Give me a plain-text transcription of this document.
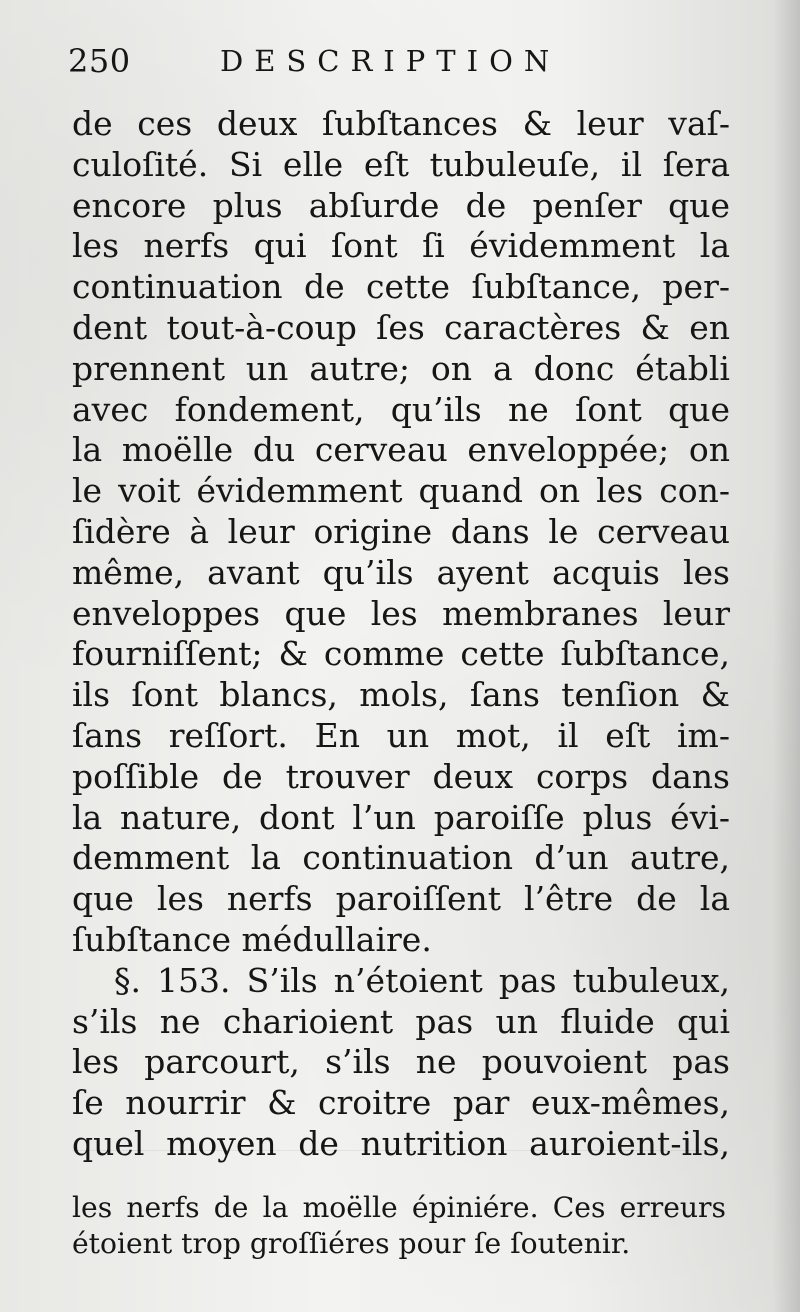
250	DESCRIPTION
de ces deux ſubſtances & leur vaſ-
culoſité. Si elle eſt tubuleuſe, il ſera
encore plus abſurde de penſer que
les nerfs qui ſont ſi évidemment la
continuation de cette ſubſtance, per-
dent tout-à-coup ſes caractères & en
prennent un autre; on a donc établi
avec fondement, qu’ils ne ſont que
la moëlle du cerveau enveloppée; on
le voit évidemment quand on les con-
ſidère à leur origine dans le cerveau
même, avant qu’ils ayent acquis les
enveloppes que les membranes leur
fourniſſent; & comme cette ſubſtance,
ils ſont blancs, mols, ſans tenſion &
ſans reſſort. En un mot, il eſt im-
poſſible de trouver deux corps dans
la nature, dont l’un paroiſſe plus évi-
demment la continuation d’un autre,
que les nerfs paroiſſent l’être de la
ſubſtance médullaire.
§. 153. S’ils n’étoient pas tubuleux,
s’ils ne charioient pas un fluide qui
les parcourt, s’ils ne pouvoient pas
ſe nourrir & croitre par eux-mêmes,
quel moyen de nutrition auroient-ils,
les nerfs de la moëlle épiniére. Ces erreurs
étoient trop groſſiéres pour ſe ſoutenir.
